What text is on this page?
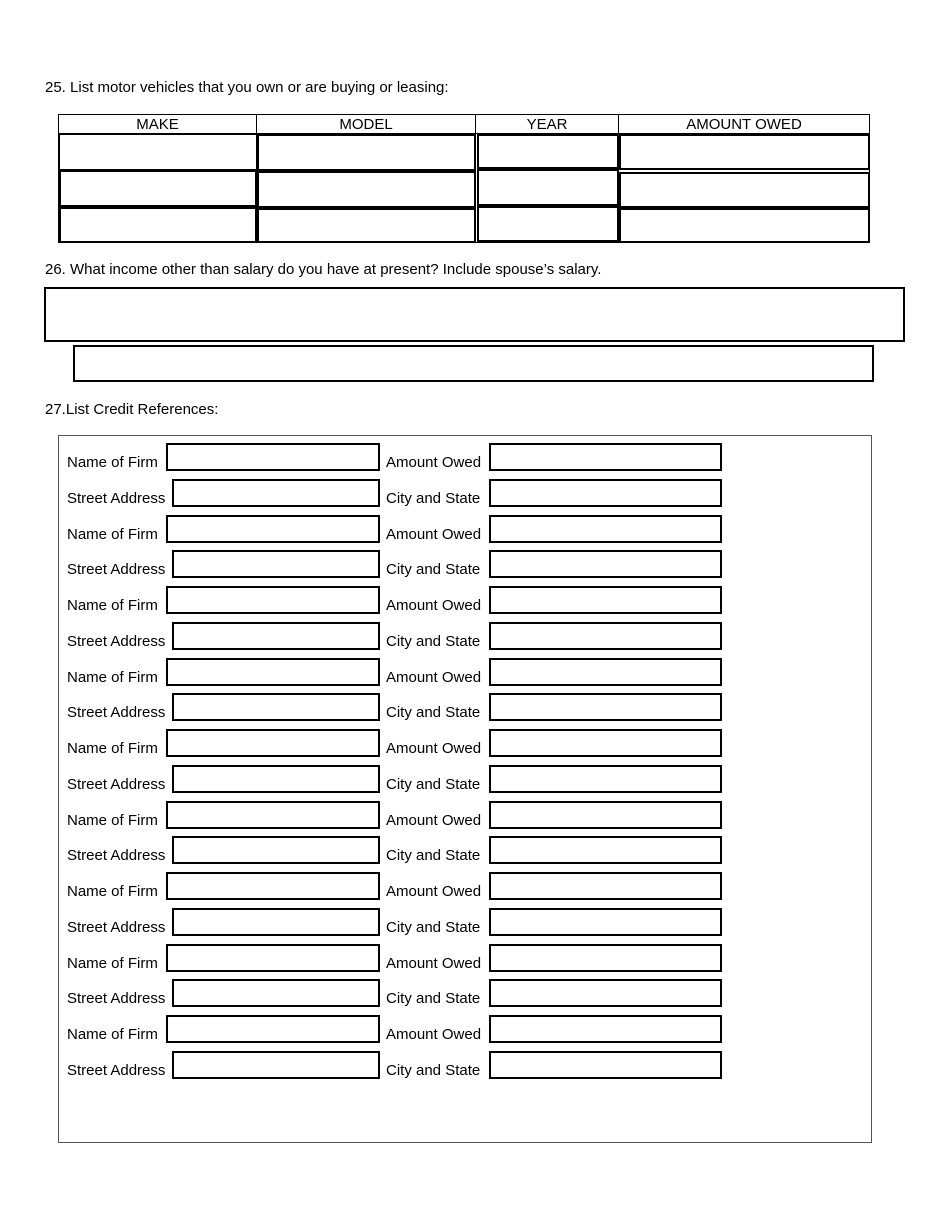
25. List motor vehicles that you own or are buying or leasing:
MAKE	MODEL	YEAR	AMOUNT OWED
26. What income other than salary do you have at present? Include spouse’s salary.
27.List Credit References:
Name of Firm	Amount Owed
Street Address	City and State
Name of Firm	Amount Owed
Street Address	City and State
Name of Firm	Amount Owed
Street Address	City and State
Name of Firm	Amount Owed
Street Address	City and State
Name of Firm	Amount Owed
Street Address	City and State
Name of Firm	Amount Owed
Street Address	City and State
Name of Firm	Amount Owed
Street Address	City and State
Name of Firm	Amount Owed
Street Address	City and State
Name of Firm	Amount Owed
Street Address	City and State
